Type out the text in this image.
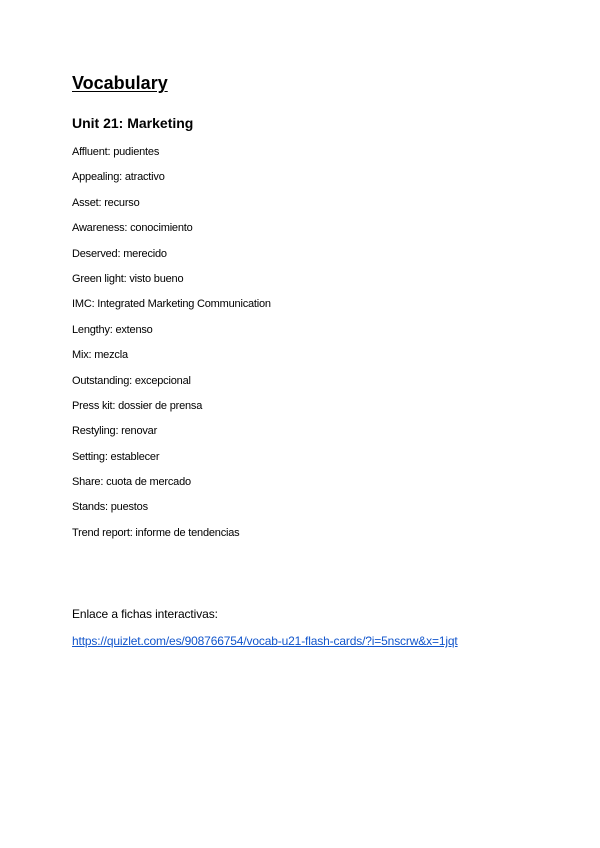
Vocabulary
Unit 21: Marketing
Affluent: pudientes
Appealing: atractivo
Asset: recurso
Awareness: conocimiento
Deserved: merecido
Green light: visto bueno
IMC: Integrated Marketing Communication
Lengthy: extenso
Mix: mezcla
Outstanding: excepcional
Press kit: dossier de prensa
Restyling: renovar
Setting: establecer
Share: cuota de mercado
Stands: puestos
Trend report: informe de tendencias
Enlace a fichas interactivas:
https://quizlet.com/es/908766754/vocab-u21-flash-cards/?i=5nscrw&x=1jqt
